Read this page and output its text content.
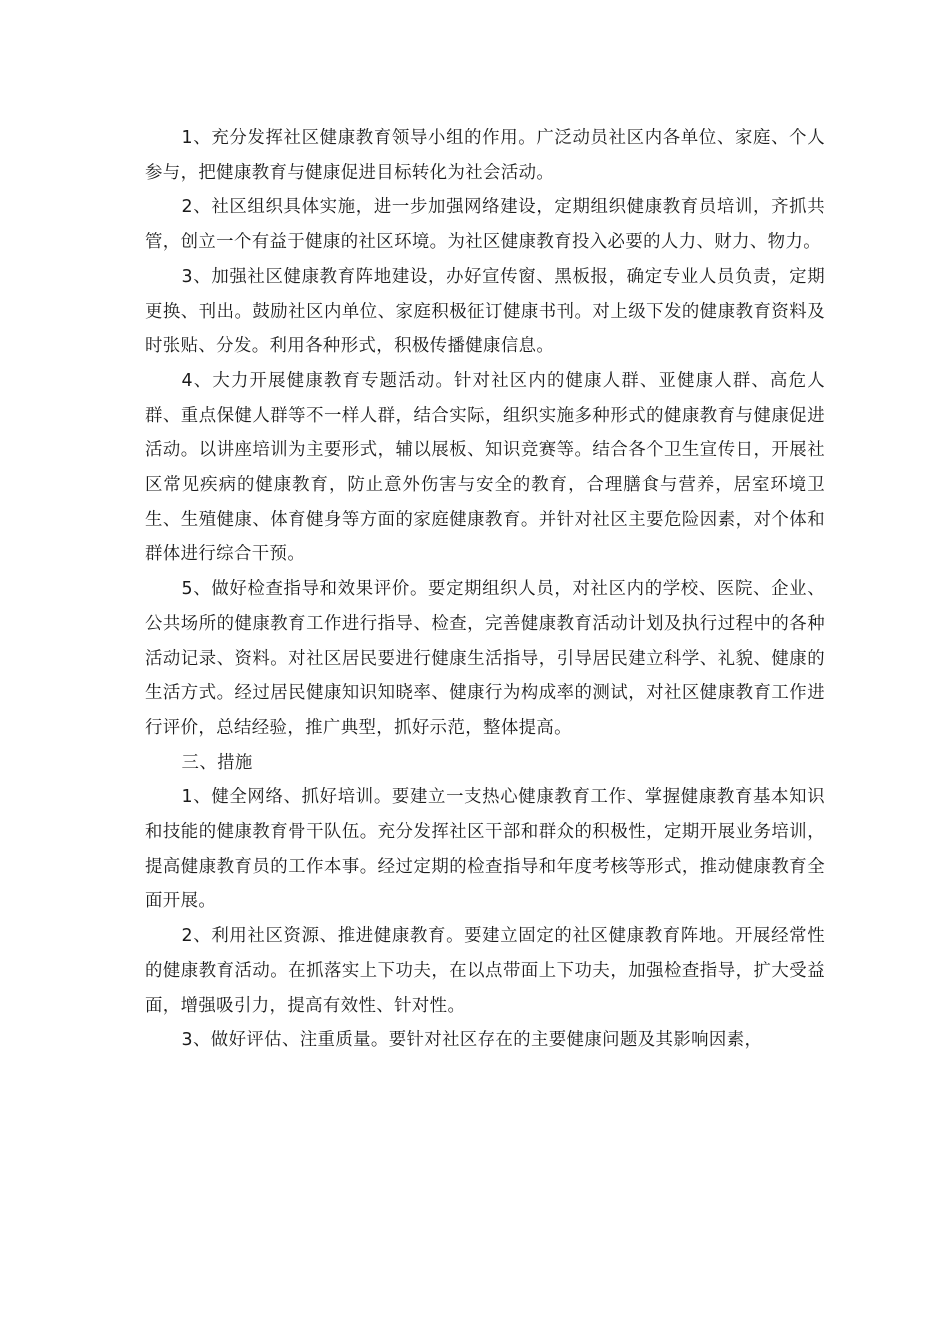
1、充分发挥社区健康教育领导小组的作用。广泛动员社区内各单位、家庭、个人参与，把健康教育与健康促进目标转化为社会活动。

2、社区组织具体实施，进一步加强网络建设，定期组织健康教育员培训，齐抓共管，创立一个有益于健康的社区环境。为社区健康教育投入必要的人力、财力、物力。

3、加强社区健康教育阵地建设，办好宣传窗、黑板报，确定专业人员负责，定期更换、刊出。鼓励社区内单位、家庭积极征订健康书刊。对上级下发的健康教育资料及时张贴、分发。利用各种形式，积极传播健康信息。

4、大力开展健康教育专题活动。针对社区内的健康人群、亚健康人群、高危人群、重点保健人群等不一样人群，结合实际，组织实施多种形式的健康教育与健康促进活动。以讲座培训为主要形式，辅以展板、知识竞赛等。结合各个卫生宣传日，开展社区常见疾病的健康教育，防止意外伤害与安全的教育，合理膳食与营养，居室环境卫生、生殖健康、体育健身等方面的家庭健康教育。并针对社区主要危险因素，对个体和群体进行综合干预。

5、做好检查指导和效果评价。要定期组织人员，对社区内的学校、医院、企业、公共场所的健康教育工作进行指导、检查，完善健康教育活动计划及执行过程中的各种活动记录、资料。对社区居民要进行健康生活指导，引导居民建立科学、礼貌、健康的生活方式。经过居民健康知识知晓率、健康行为构成率的测试，对社区健康教育工作进行评价，总结经验，推广典型，抓好示范，整体提高。

三、措施

1、健全网络、抓好培训。要建立一支热心健康教育工作、掌握健康教育基本知识和技能的健康教育骨干队伍。充分发挥社区干部和群众的积极性，定期开展业务培训，提高健康教育员的工作本事。经过定期的检查指导和年度考核等形式，推动健康教育全面开展。

2、利用社区资源、推进健康教育。要建立固定的社区健康教育阵地。开展经常性的健康教育活动。在抓落实上下功夫，在以点带面上下功夫，加强检查指导，扩大受益面，增强吸引力，提高有效性、针对性。

3、做好评估、注重质量。要针对社区存在的主要健康问题及其影响因素，
